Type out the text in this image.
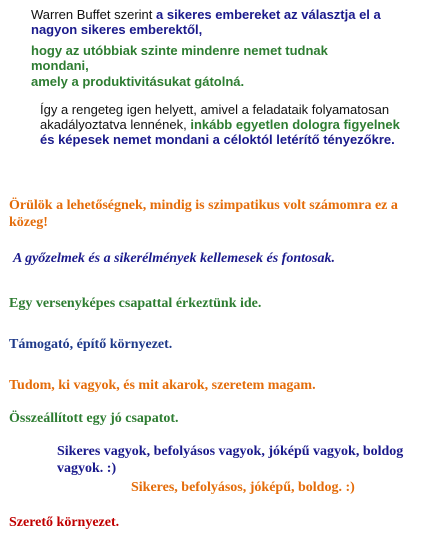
Warren Buffet szerint a sikeres embereket az választja el a nagyon sikeres emberektől,
hogy az utóbbiak szinte mindenre nemet tudnak mondani,
amely a produktivitásukat gátolná.
Így a rengeteg igen helyett, amivel a feladataik folyamatosan akadályoztatva lennének, inkább egyetlen dologra figyelnek és képesek nemet mondani a céloktól letérítő tényezőkre.
Örülök a lehetőségnek, mindig is szimpatikus volt számomra ez a közeg!
A győzelmek és a sikerélmények kellemesek és fontosak.
Egy versenyképes csapattal érkeztünk ide.
Támogató, építő környezet.
Tudom, ki vagyok, és mit akarok, szeretem magam.
Összeállított egy jó csapatot.
Sikeres vagyok, befolyásos vagyok, jóképű vagyok, boldog vagyok. :)
Sikeres, befolyásos, jóképű, boldog. :)
Szerető környezet.
